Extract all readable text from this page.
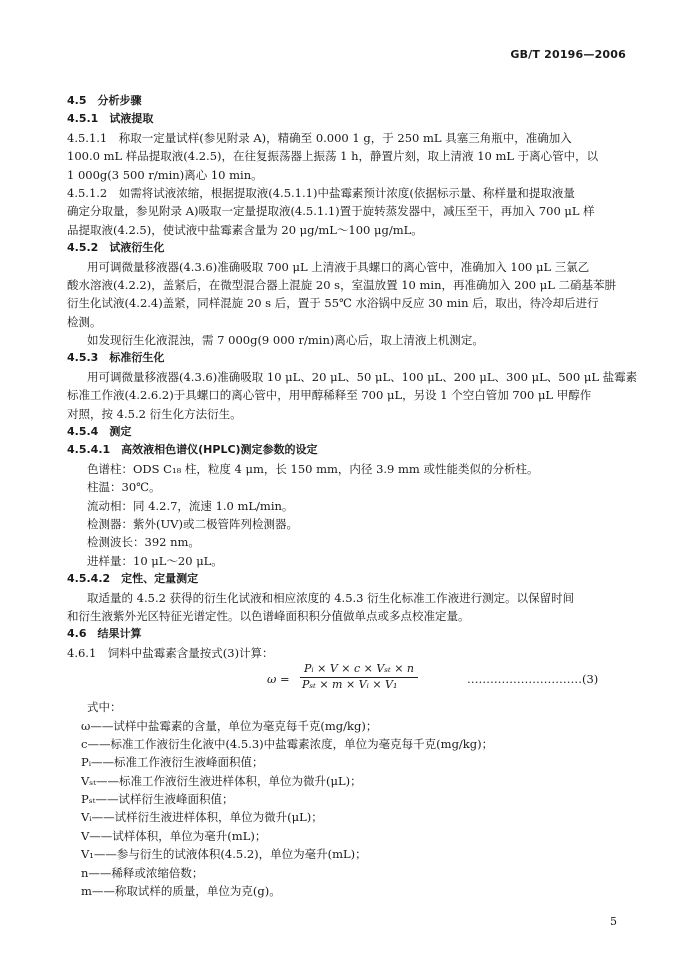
GB/T 20196—2006
4.5　分析步骤
4.5.1　试液提取
4.5.1.1　称取一定量试样(参见附录 A)，精确至 0.000 1 g，于 250 mL 具塞三角瓶中，准确加入
100.0 mL 样品提取液(4.2.5)，在往复振荡器上振荡 1 h，静置片刻，取上清液 10 mL 于离心管中，以
1 000g(3 500 r/min)离心 10 min。
4.5.1.2　如需将试液浓缩，根据提取液(4.5.1.1)中盐霉素预计浓度(依据标示量、称样量和提取液量
确定分取量，参见附录 A)吸取一定量提取液(4.5.1.1)置于旋转蒸发器中，减压至干，再加入 700 μL 样
品提取液(4.2.5)，使试液中盐霉素含量为 20 μg/mL～100 μg/mL。
4.5.2　试液衍生化
用可调微量移液器(4.3.6)准确吸取 700 μL 上清液于具螺口的离心管中，准确加入 100 μL 三氯乙
酸水溶液(4.2.2)，盖紧后，在微型混合器上混旋 20 s，室温放置 10 min，再准确加入 200 μL 二硝基苯肼
衍生化试液(4.2.4)盖紧，同样混旋 20 s 后，置于 55℃ 水浴锅中反应 30 min 后，取出，待冷却后进行
检测。
如发现衍生化液混浊，需 7 000g(9 000 r/min)离心后，取上清液上机测定。
4.5.3　标准衍生化
用可调微量移液器(4.3.6)准确吸取 10 μL、20 μL、50 μL、100 μL、200 μL、300 μL、500 μL 盐霉素
标准工作液(4.2.6.2)于具螺口的离心管中，用甲醇稀释至 700 μL，另设 1 个空白管加 700 μL 甲醇作
对照，按 4.5.2 衍生化方法衍生。
4.5.4　测定
4.5.4.1　高效液相色谱仪(HPLC)测定参数的设定
色谱柱：ODS C₁₈ 柱，粒度 4 μm，长 150 mm，内径 3.9 mm 或性能类似的分析柱。
柱温：30℃。
流动相：同 4.2.7，流速 1.0 mL/min。
检测器：紫外(UV)或二极管阵列检测器。
检测波长：392 nm。
进样量：10 μL～20 μL。
4.5.4.2　定性、定量测定
取适量的 4.5.2 获得的衍生化试液和相应浓度的 4.5.3 衍生化标准工作液进行测定。以保留时间
和衍生液紫外光区特征光谱定性。以色谱峰面积积分值做单点或多点校准定量。
4.6　结果计算
4.6.1　饲料中盐霉素含量按式(3)计算：
ω =
Pᵢ × V × c × Vₛₜ × n
Pₛₜ × m × Vᵢ × V₁	…………………………(3)
式中：
ω——试样中盐霉素的含量，单位为毫克每千克(mg/kg)；
c——标准工作液衍生化液中(4.5.3)中盐霉素浓度，单位为毫克每千克(mg/kg)；
Pᵢ——标准工作液衍生液峰面积值；
Vₛₜ——标准工作液衍生液进样体积，单位为微升(μL)；
Pₛₜ——试样衍生液峰面积值；
Vᵢ——试样衍生液进样体积，单位为微升(μL)；
V——试样体积，单位为毫升(mL)；
V₁——参与衍生的试液体积(4.5.2)，单位为毫升(mL)；
n——稀释或浓缩倍数；
m——称取试样的质量，单位为克(g)。
5
